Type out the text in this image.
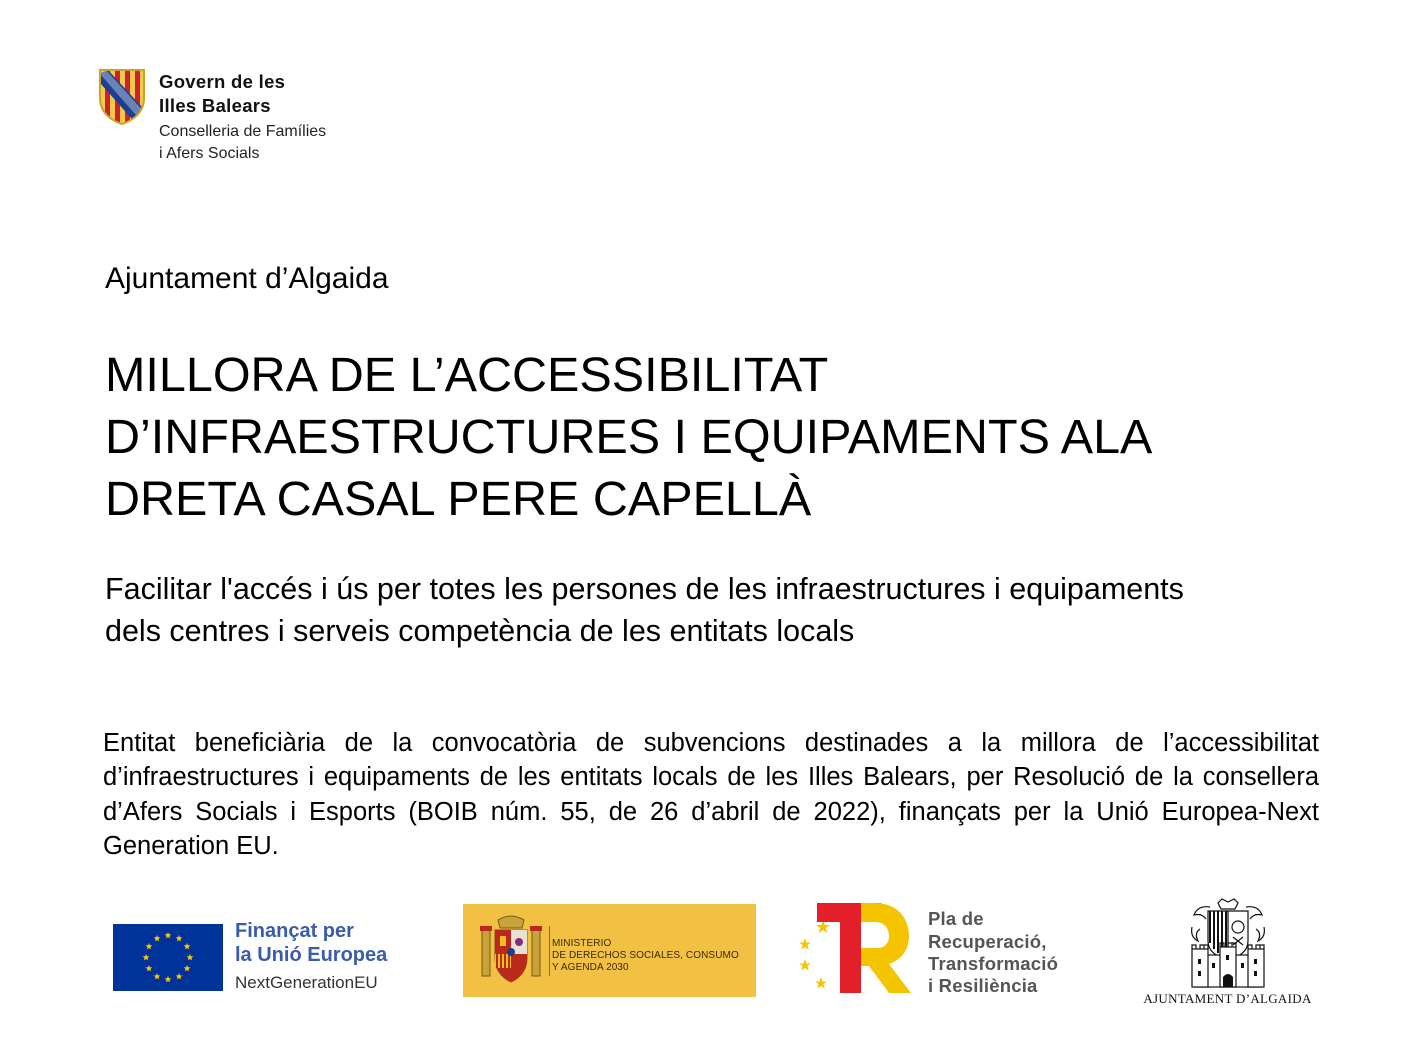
Govern de les
Illes Balears
Conselleria de Famílies
i Afers Socials
Ajuntament d’Algaida
MILLORA DE L’ACCESSIBILITAT
D’INFRAESTRUCTURES I EQUIPAMENTS ALA
DRETA CASAL PERE CAPELLÀ
Facilitar l'accés i ús per totes les persones de les infraestructures i equipaments
dels centres i serveis competència de les entitats locals
Entitat beneficiària de la convocatòria de subvencions destinades a la millora de l’accessibilitat d’infraestructures i equipaments de les entitats locals de les Illes Balears, per Resolució de la consellera d’Afers Socials i Esports (BOIB núm. 55, de 26 d’abril de 2022), finançats per la Unió Europea-Next Generation EU.
Finançat per
la Unió Europea
NextGenerationEU
MINISTERIO
DE DERECHOS SOCIALES, CONSUMO
Y AGENDA 2030
Pla de
Recuperació,
Transformació
i Resiliència
AJUNTAMENT D’ALGAIDA
